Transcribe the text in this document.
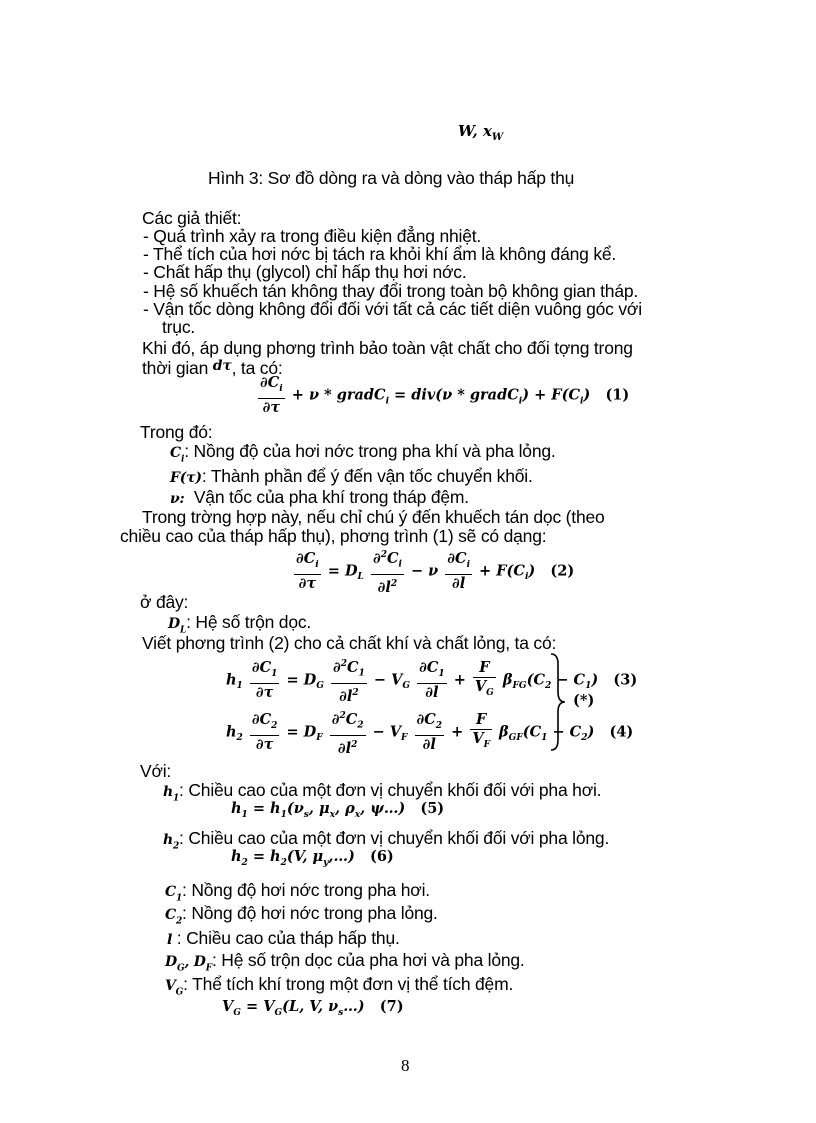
W, $x_W$
Hình 3: Sơ đồ dòng ra và dòng vào tháp hấp thụ
Các giả thiết:
- Quá trình xảy ra trong điều kiện đẳng nhiệt.
- Thể tích của hơi nớc bị tách ra khỏi khí ẩm là không đáng kể.
- Chất hấp thụ (glycol) chỉ hấp thụ hơi nớc.
- Hệ số khuếch tán không thay đổi trong toàn bộ không gian tháp.
- Vận tốc dòng không đổi đối với tất cả các tiết diện vuông góc với
trục.
Khi đó, áp dụng phơng trình bảo toàn vật chất cho đối tợng trong
thời gian $^{d\tau}$, ta có:
$\frac{\partial C_i}{\partial\tau} + \nu$ * gradC$_i$ = div(ν * gradC$_i$) + $F(C_i)$   (1)
Trong đó:
$C_i$: Nồng độ của hơi nớc trong pha khí và pha lỏng.
F(τ): Thành phần để ý đến vận tốc chuyển khối.
ν: Vận tốc của pha khí trong tháp đệm.
Trong trờng hợp này, nếu chỉ chú ý đến khuếch tán dọc (theo
chiều cao của tháp hấp thụ), phơng trình (1) sẽ có dạng:
$\frac{\partial C_i}{\partial\tau} = D_L \frac{\partial^2C_i}{\partial l^2} - \nu \frac{\partial C_i}{\partial l} + F(C_i)$   (2)
ở đây:
$D_L$: Hệ số trộn dọc.
Viết phơng trình (2) cho cả chất khí và chất lỏng, ta có:
$h_1 \frac{\partial C_1}{\partial\tau} = D_G \frac{\partial^2C_1}{\partial l^2} - V_G \frac{\partial C_1}{\partial l} + \frac{F}{V_G} \beta_{FG}(C_2 - C_1)$   (3)
$h_2 \frac{\partial C_2}{\partial\tau} = D_F \frac{\partial^2C_2}{\partial l^2} - V_F \frac{\partial C_2}{\partial l} + \frac{F}{V_F} \beta_{GF}(C_1 - C_2)$   (4)
(*)
Với:
$h_1$: Chiều cao của một đơn vị chuyển khối đối với pha hơi.
$h_1 = h_1(\nu_s$, $\mu_x$, $\rho_x$, ψ…)   (5)
$h_2$: Chiều cao của một đơn vị chuyển khối đối với pha lỏng.
$h_2 = h_2(V$, $\mu_y,\dots$)   (6)
$C_1$: Nồng độ hơi nớc trong pha hơi.
$C_2$: Nồng độ hơi nớc trong pha lỏng.
l : Chiều cao của tháp hấp thụ.
$D_G$, $D_F$: Hệ số trộn dọc của pha hơi và pha lỏng.
$V_G$: Thể tích khí trong một đơn vị thể tích đệm.
$V_G = V_G(L$, V, $\nu_s\dots$)   (7)
8
